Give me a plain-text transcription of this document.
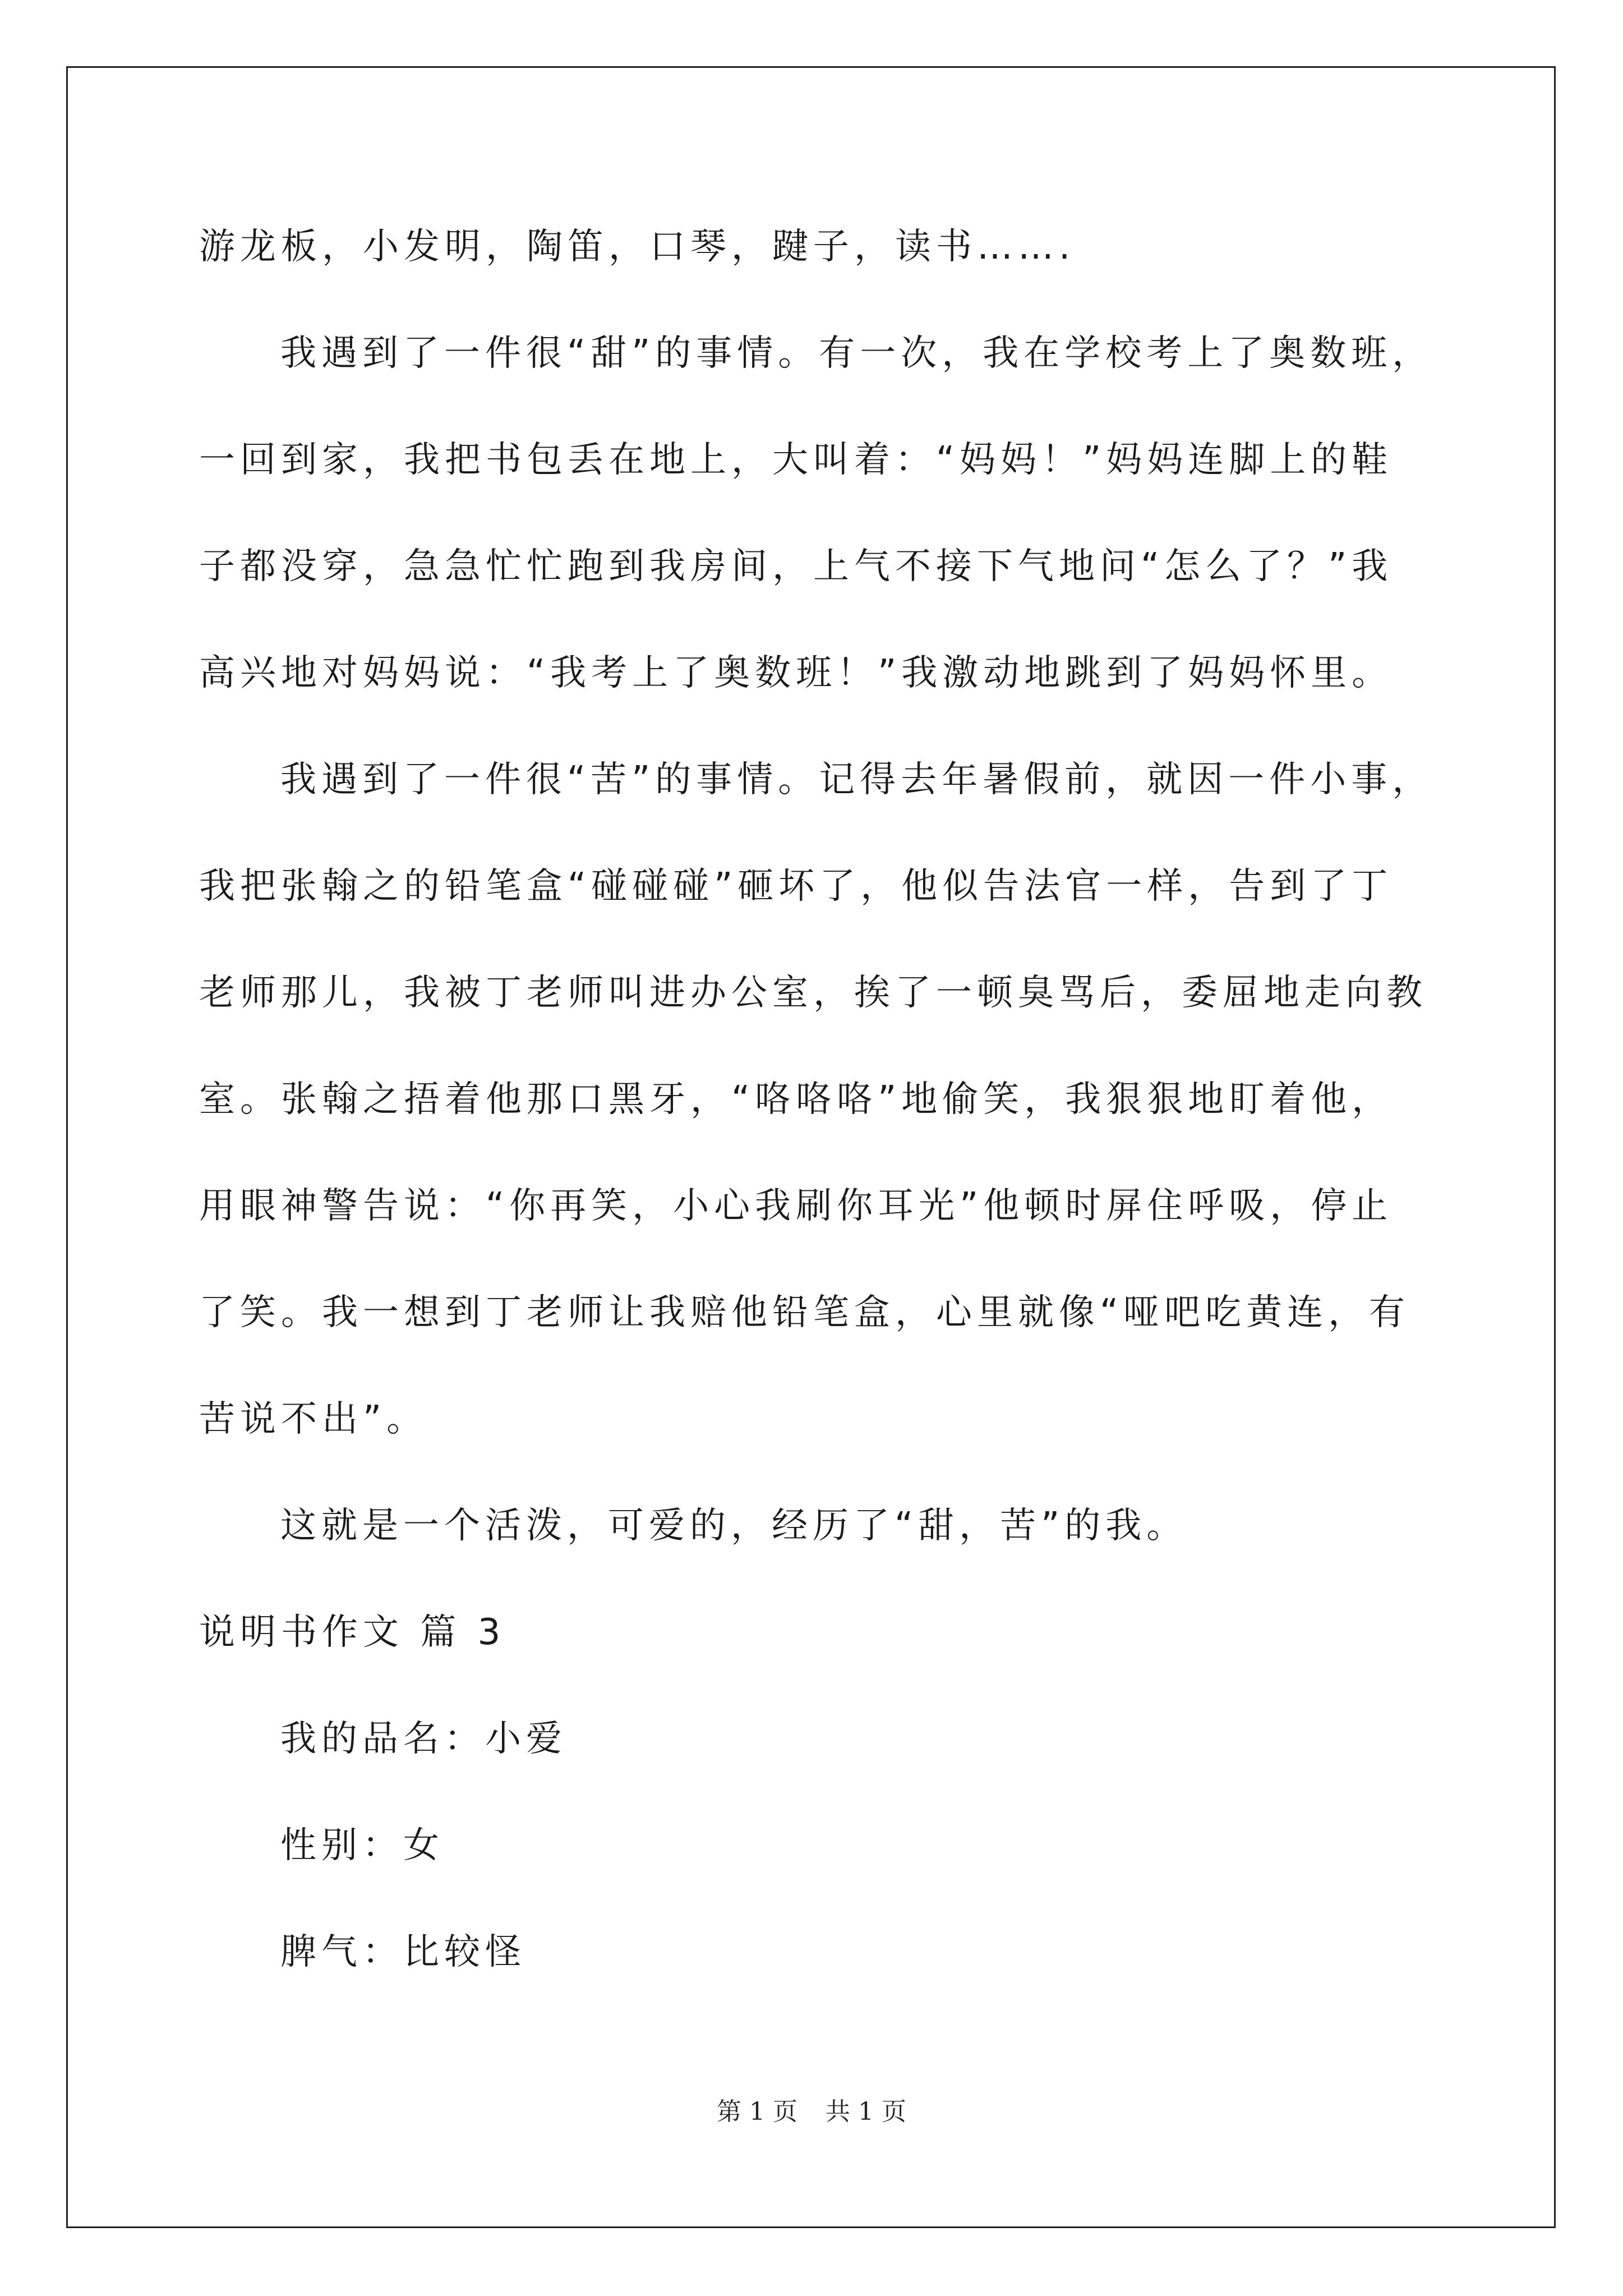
游龙板，小发明，陶笛，口琴，踺子，读书…….
我遇到了一件很“甜”的事情。有一次，我在学校考上了奥数班，
一回到家，我把书包丢在地上，大叫着：“妈妈！”妈妈连脚上的鞋
子都没穿，急急忙忙跑到我房间，上气不接下气地问“怎么了？”我
高兴地对妈妈说：“我考上了奥数班！”我激动地跳到了妈妈怀里。
我遇到了一件很“苦”的事情。记得去年暑假前，就因一件小事，
我把张翰之的铅笔盒“碰碰碰”砸坏了，他似告法官一样，告到了丁
老师那儿，我被丁老师叫进办公室，挨了一顿臭骂后，委屈地走向教
室。张翰之捂着他那口黑牙，“咯咯咯”地偷笑，我狠狠地盯着他，
用眼神警告说：“你再笑，小心我刷你耳光”他顿时屏住呼吸，停止
了笑。我一想到丁老师让我赔他铅笔盒，心里就像“哑吧吃黄连，有
苦说不出”。
这就是一个活泼，可爱的，经历了“甜，苦”的我。
说明书作文 篇 3
我的品名：小爱
性别：女
脾气：比较怪
第 1 页 共 1 页
